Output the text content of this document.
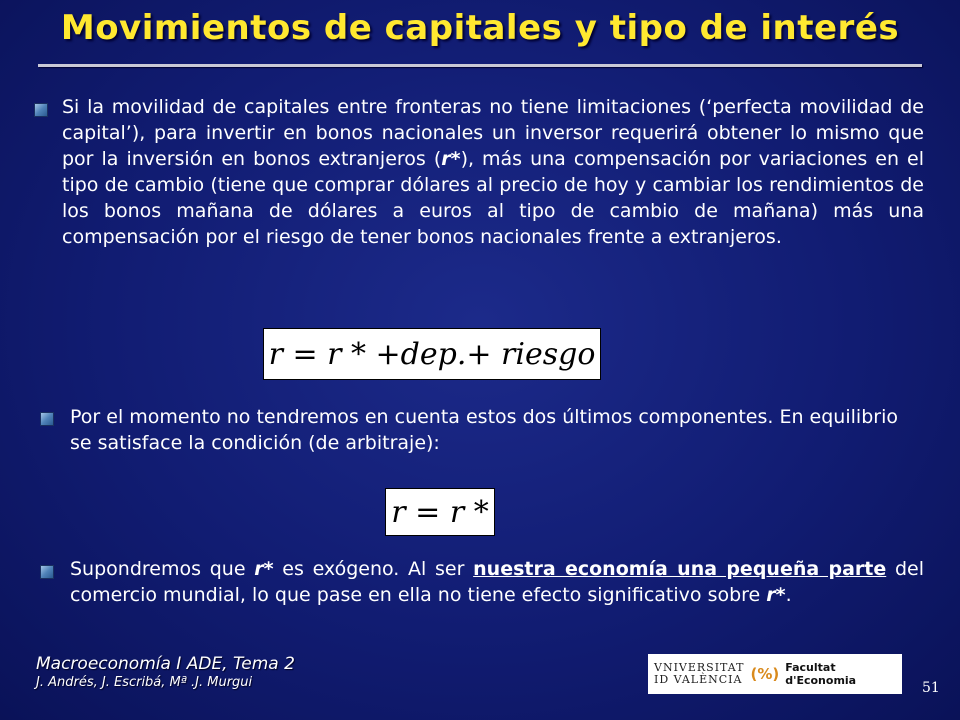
Movimientos de capitales y tipo de interés
Si la movilidad de capitales entre fronteras no tiene limitaciones (‘perfecta movilidad de capital’), para invertir en bonos nacionales un inversor requerirá obtener lo mismo que por la inversión en bonos extranjeros (r*), más una compensación por variaciones en el tipo de cambio (tiene que comprar dólares al precio de hoy y cambiar los rendimientos de los bonos mañana de dólares a euros al tipo de cambio de mañana) más una compensación por el riesgo de tener bonos nacionales frente a extranjeros.
r = r * +dep.+ riesgo
Por el momento no tendremos en cuenta estos dos últimos componentes. En equilibrio se satisface la condición (de arbitraje):
r = r *
Supondremos que r* es exógeno. Al ser nuestra economía una pequeña parte del comercio mundial, lo que pase en ella no tiene efecto significativo sobre r*.
Macroeconomía I ADE, Tema 2
J. Andrés, J. Escribá, Mª .J. Murgui
VNIVERSITAT
ID VALÈNCIA (%) Facultat d'Economia	51
